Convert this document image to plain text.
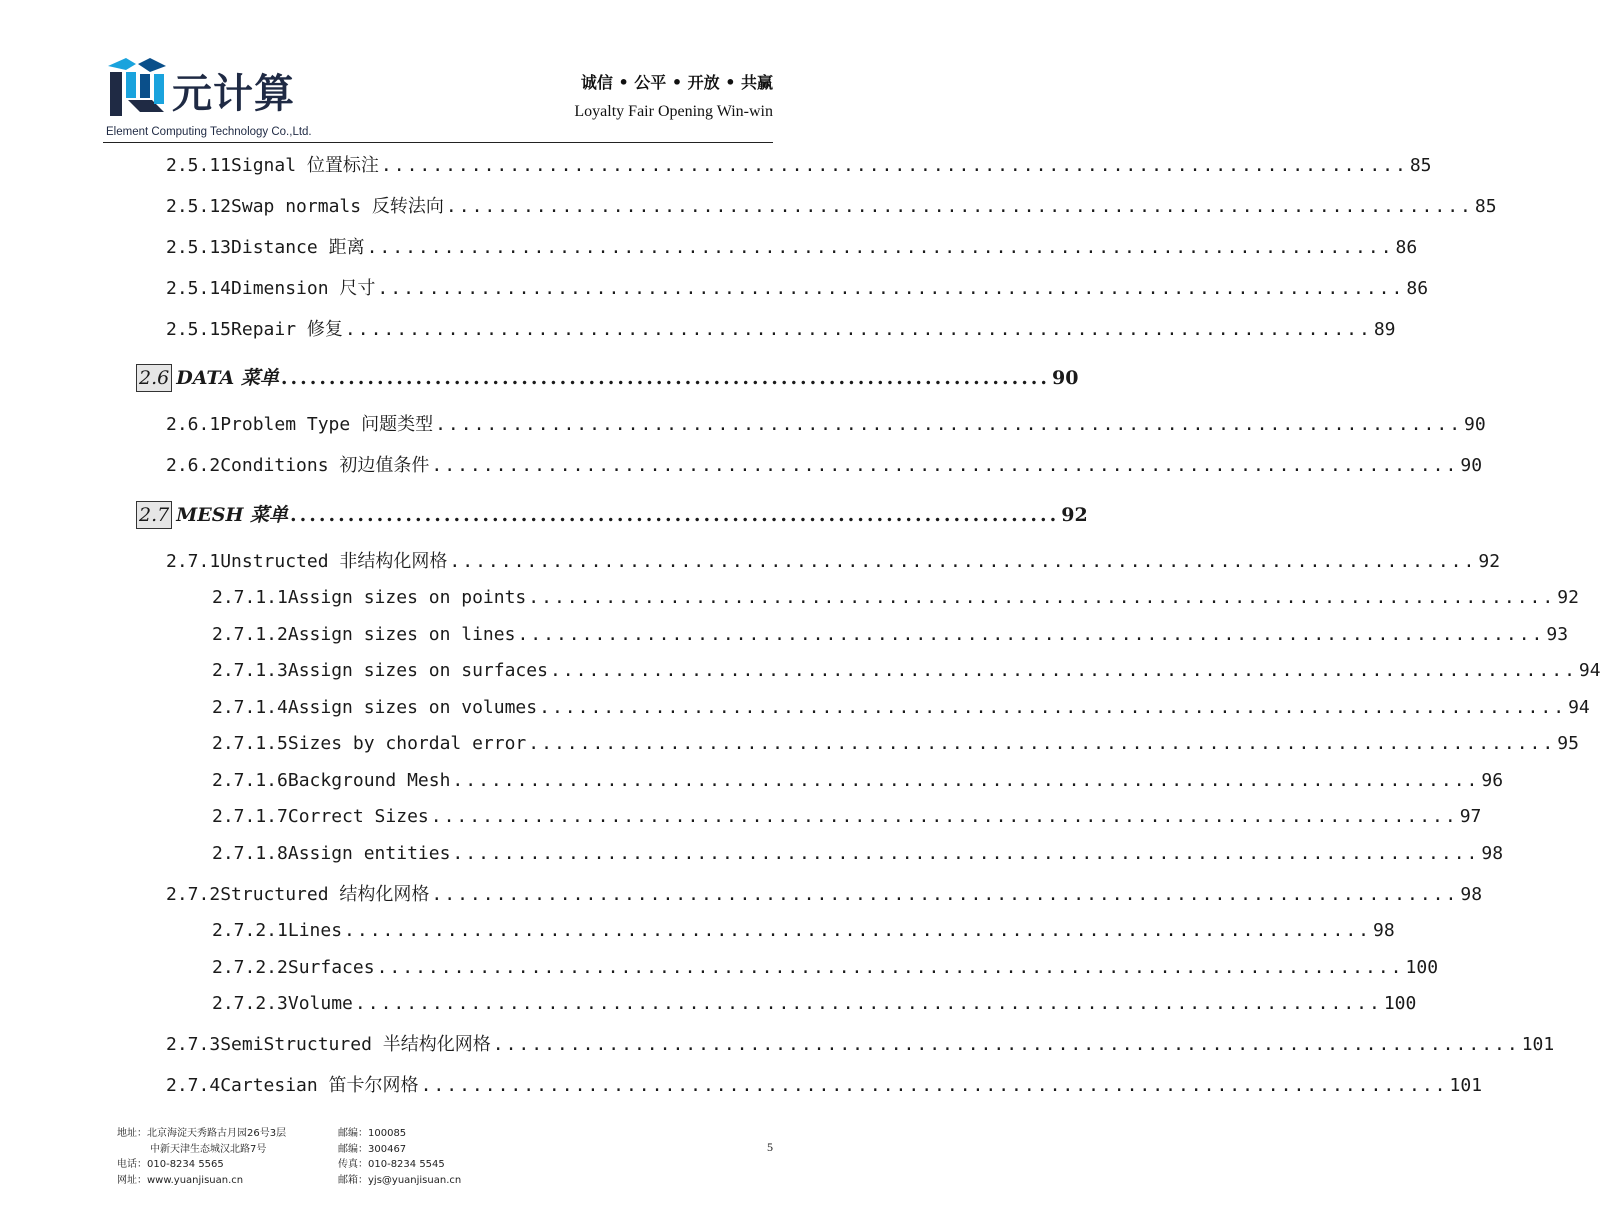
元计算
Element Computing Technology Co.,Ltd.
诚信 • 公平 • 开放 • 共赢
Loyalty Fair Opening Win-win
2.5.11 Signal 位置标注 ................................................................................ 85
2.5.12 Swap normals 反转法向 ................................................................................ 85
2.5.13 Distance 距离 ................................................................................ 86
2.5.14 Dimension 尺寸 ................................................................................ 86
2.5.15 Repair 修复 ................................................................................ 89
2.6 DATA 菜单 ................................................................................ 90
2.6.1 Problem Type 问题类型 ................................................................................ 90
2.6.2 Conditions 初边值条件 ................................................................................ 90
2.7 MESH 菜单 ................................................................................ 92
2.7.1 Unstructed 非结构化网格 ................................................................................ 92
2.7.1.1 Assign sizes on points ................................................................................ 92
2.7.1.2 Assign sizes on lines ................................................................................ 93
2.7.1.3 Assign sizes on surfaces ................................................................................ 94
2.7.1.4 Assign sizes on volumes ................................................................................ 94
2.7.1.5 Sizes by chordal error ................................................................................ 95
2.7.1.6 Background Mesh ................................................................................ 96
2.7.1.7 Correct Sizes ................................................................................ 97
2.7.1.8 Assign entities ................................................................................ 98
2.7.2 Structured 结构化网格 ................................................................................ 98
2.7.2.1 Lines ................................................................................ 98
2.7.2.2 Surfaces ................................................................................ 100
2.7.2.3 Volume ................................................................................ 100
2.7.3 SemiStructured 半结构化网格 ................................................................................ 101
2.7.4 Cartesian 笛卡尔网格 ................................................................................ 101
地址：北京海淀天秀路古月园26号3层
中新天津生态城汉北路7号
电话：010-8234 5565
网址：www.yuanjisuan.cn
邮编：100085
邮编：300467
传真：010-8234 5545
邮箱：yjs@yuanjisuan.cn
5
